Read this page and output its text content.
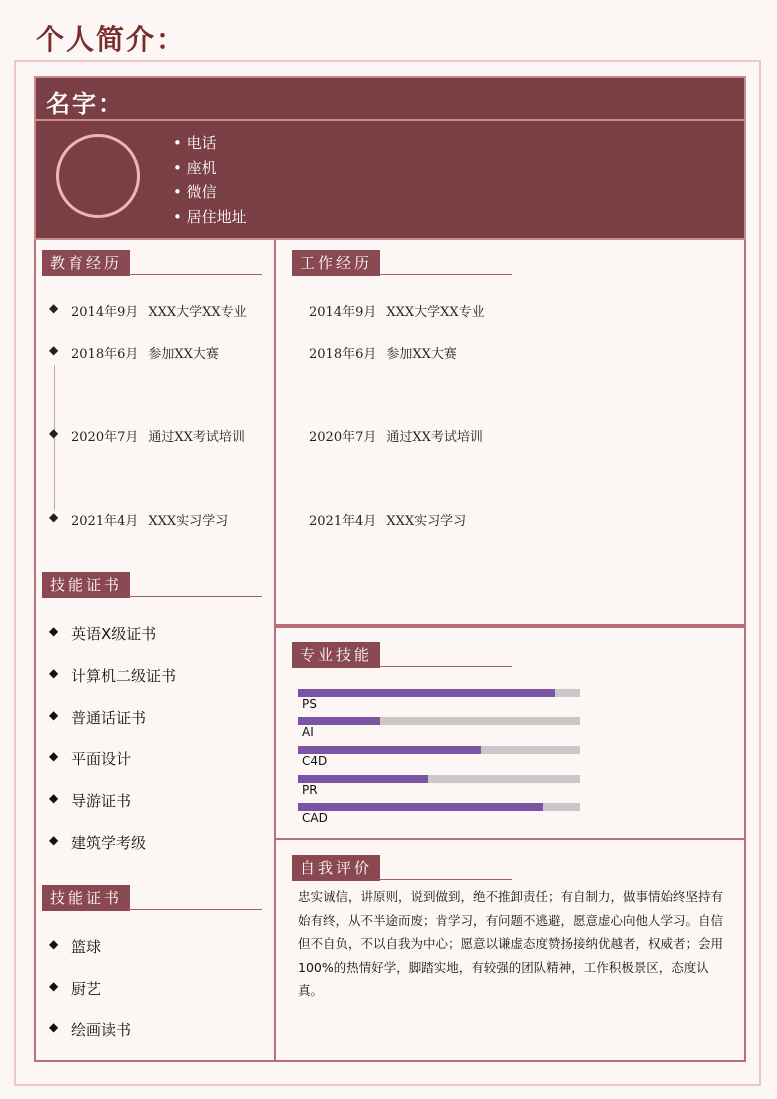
个人简介：
名字：
• 电话
• 座机
• 微信
• 居住地址
教育经历
◆ 2014年9月 XXX大学XX专业
◆ 2018年6月 参加XX大赛
◆ 2020年7月 通过XX考试培训
◆ 2021年4月 XXX实习学习
工作经历
2014年9月 XXX大学XX专业
2018年6月 参加XX大赛
2020年7月 通过XX考试培训
2021年4月 XXX实习学习
技能证书
◆ 英语X级证书
◆ 计算机二级证书
◆ 普通话证书
◆ 平面设计
◆ 导游证书
◆ 建筑学考级
技能证书
◆ 篮球
◆ 厨艺
◆ 绘画读书
专业技能
PS
AI
C4D
PR
CAD
自我评价
忠实诚信，讲原则，说到做到，绝不推卸责任；有自制力，做事情始终坚持有始有终，从不半途而废；肯学习，有问题不逃避，愿意虚心向他人学习。自信但不自负，不以自我为中心；愿意以谦虚态度赞扬接纳优越者，权威者；会用100%的热情好学，脚踏实地，有较强的团队精神，工作积极景区，态度认真。
